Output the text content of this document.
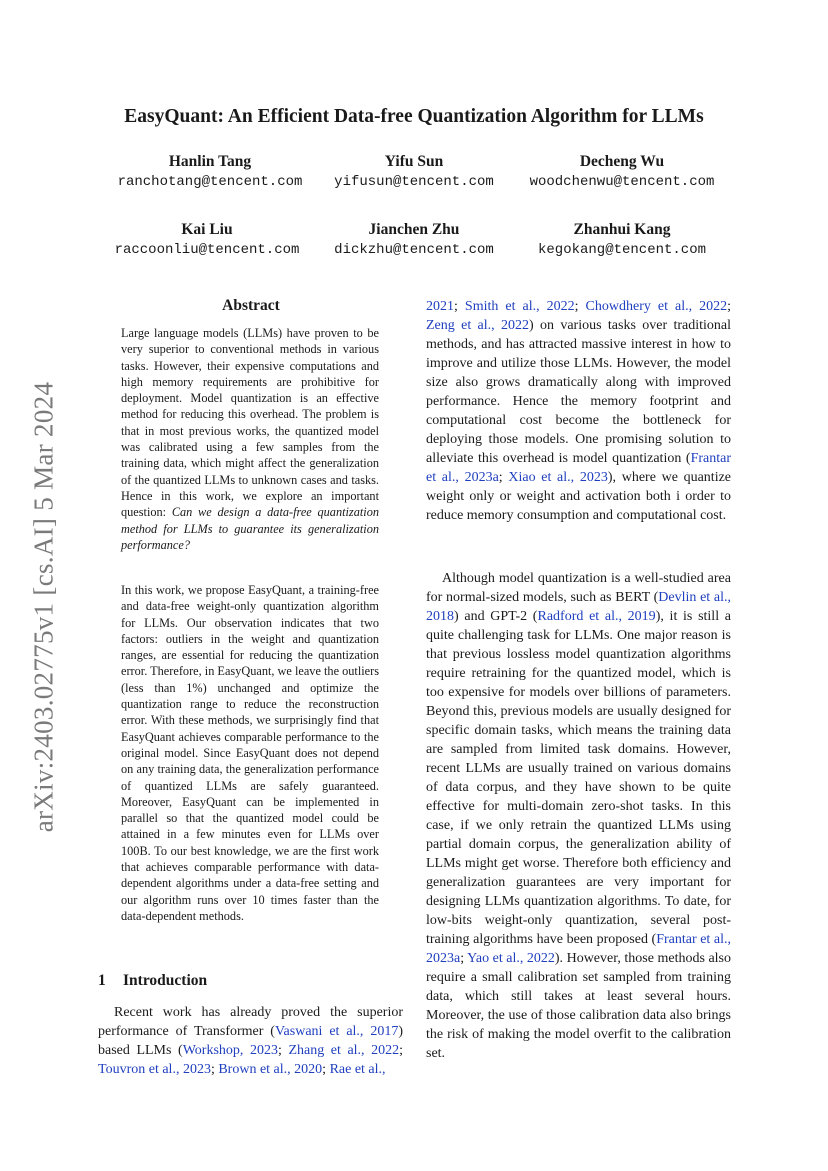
arXiv:2403.02775v1 [cs.AI] 5 Mar 2024
EasyQuant: An Efficient Data-free Quantization Algorithm for LLMs
Hanlin Tang
ranchotang@tencent.com
Yifu Sun
yifusun@tencent.com
Decheng Wu
woodchenwu@tencent.com
Kai Liu
raccoonliu@tencent.com
Jianchen Zhu
dickzhu@tencent.com
Zhanhui Kang
kegokang@tencent.com
Abstract

Large language models (LLMs) have proven to be very superior to conventional methods in various tasks. However, their expensive computations and high memory requirements are prohibitive for deployment. Model quantization is an effective method for reducing this overhead. The problem is that in most previous works, the quantized model was calibrated using a few samples from the training data, which might affect the generalization of the quantized LLMs to unknown cases and tasks. Hence in this work, we explore an important question: Can we design a data-free quantization method for LLMs to guarantee its generalization performance?

In this work, we propose EasyQuant, a training-free and data-free weight-only quantization algorithm for LLMs. Our observation indicates that two factors: outliers in the weight and quantization ranges, are essential for reducing the quantization error. Therefore, in EasyQuant, we leave the outliers (less than 1%) unchanged and optimize the quantization range to reduce the reconstruction error. With these methods, we surprisingly find that EasyQuant achieves comparable performance to the original model. Since EasyQuant does not depend on any training data, the generalization performance of quantized LLMs are safely guaranteed. Moreover, EasyQuant can be implemented in parallel so that the quantized model could be attained in a few minutes even for LLMs over 100B. To our best knowledge, we are the first work that achieves comparable performance with data-dependent algorithms under a data-free setting and our algorithm runs over 10 times faster than the data-dependent methods.

1 Introduction

Recent work has already proved the superior performance of Transformer (Vaswani et al., 2017) based LLMs (Workshop, 2023; Zhang et al., 2022; Touvron et al., 2023; Brown et al., 2020; Rae et al.,

2021; Smith et al., 2022; Chowdhery et al., 2022; Zeng et al., 2022) on various tasks over traditional methods, and has attracted massive interest in how to improve and utilize those LLMs. However, the model size also grows dramatically along with improved performance. Hence the memory footprint and computational cost become the bottleneck for deploying those models. One promising solution to alleviate this overhead is model quantization (Frantar et al., 2023a; Xiao et al., 2023), where we quantize weight only or weight and activation both i order to reduce memory consumption and computational cost.

Although model quantization is a well-studied area for normal-sized models, such as BERT (Devlin et al., 2018) and GPT-2 (Radford et al., 2019), it is still a quite challenging task for LLMs. One major reason is that previous lossless model quantization algorithms require retraining for the quantized model, which is too expensive for models over billions of parameters. Beyond this, previous models are usually designed for specific domain tasks, which means the training data are sampled from limited task domains. However, recent LLMs are usually trained on various domains of data corpus, and they have shown to be quite effective for multi-domain zero-shot tasks. In this case, if we only retrain the quantized LLMs using partial domain corpus, the generalization ability of LLMs might get worse. Therefore both efficiency and generalization guarantees are very important for designing LLMs quantization algorithms. To date, for low-bits weight-only quantization, several post-training algorithms have been proposed (Frantar et al., 2023a; Yao et al., 2022). However, those methods also require a small calibration set sampled from training data, which still takes at least several hours. Moreover, the use of those calibration data also brings the risk of making the model overfit to the calibration set.
